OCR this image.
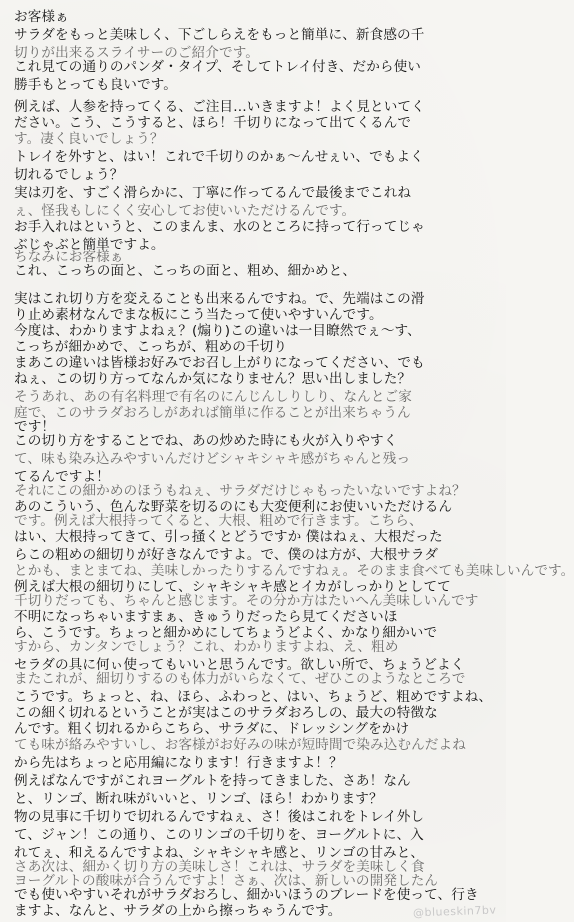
お客様ぁ
サラダをもっと美味しく、下ごしらえをもっと簡単に、新食感の千
切りが出来るスライサーのご紹介です。
これ見ての通りのパンダ・タイプ、そしてトレイ付き、だから使い
勝手もとっても良いです。
例えば、人参を持ってくる、ご注目…いきますよ！よく見といてく
ださい。こう、こうすると、ほら！千切りになって出てくるんで
す。凄く良いでしょう？
トレイを外すと、はい！これで千切りのかぁ～んせぇい、でもよく
切れるでしょう？
実は刃を、すごく滑らかに、丁寧に作ってるんで最後までこれね
ぇ、怪我もしにくく安心してお使いいただけるんです。
お手入れはというと、このまんま、水のところに持って行ってじゃ
ぶじゃぶと簡単ですよ。
ちなみにお客様ぁ
これ、こっちの面と、こっちの面と、粗め、細かめと、
実はこれ切り方を変えることも出来るんですね。で、先端はこの滑
り止め素材なんでまな板にこう当たって使いやすいんです。
今度は、わかりますよねぇ？(煽り)この違いは一目瞭然でぇ～す、
こっちが細かめで、こっちが、粗めの千切り
まあこの違いは皆様お好みでお召し上がりになってください、でも
ねぇ、この切り方ってなんか気になりません？思い出しました？
そうあれ、あの有名料理で有名のにんじんしりしり、なんとご家
庭で、このサラダおろしがあれば簡単に作ることが出来ちゃうん
です！
この切り方をすることでね、あの炒めた時にも火が入りやすく
て、味も染み込みやすいんだけどシャキシャキ感がちゃんと残っ
てるんですよ！
それにこの細かめのほうもねぇ、サラダだけじゃもったいないですよね？
あのこういう、色んな野菜を切るのにも大変便利にお使いいただけるん
です。例えば大根持ってくると、大根、粗めで行きます。こちら、
はい、大根持ってきて、引っ掻くとどうですか 僕はねぇ、大根だった
らこの粗めの細切りが好きなんですよ。で、僕のは方が、大根サラダ
とかも、まとまてね、美味しかったりするんですねぇ。そのまま食べても美味しいんです。
例えば大根の細切りにして、シャキシャキ感とイカがしっかりとしてて
千切りだっても、ちゃんと感じます。その分か方はたいへん美味しいんです
不明になっちゃいますまぁ、きゅうりだったら見てくださいほ
ら、こうです。ちょっと細かめにしてちょうどよく、かなり細かいで
すから、カンタンでしょう？これ、わかりますよね、え、粗め
セラダの具に何ぃ使ってもいいと思うんです。欲しい所で、ちょうどよく
またこれが、細切りするのも体力がいらなくて、ぜひこのようなところで
こうです。ちょっと、ね、ほら、ふわっと、はい、ちょうど、粗めですよね、
この細く切れるということが実はこのサラダおろしの、最大の特徴な
んです。粗く切れるからこちら、サラダに、ドレッシングをかけ
ても味が絡みやすいし、お客様がお好みの味が短時間で染み込むんだよね
から先はちょっと応用編になります！行きますよ！？
例えばなんですがこれヨーグルトを持ってきました、さあ！なん
と、リンゴ、断れ味がいいと、リンゴ、ほら！わかります？
物の見事に千切りで切れるんですねぇ、さ！後はこれをトレイ外し
て、ジャン！この通り、このリンゴの千切りを、ヨーグルトに、入
れてぇ、和えるんですよね、シャキシャキ感と、リンゴの甘みと、
さあ次は、細かく切り方の美味しさ！これは、サラダを美味しく食
ヨーグルトの酸味が合うんですよ！さぁ、次は、新しいの開発したん
でも使いやすいそれがサラダおろし、細かいほうのブレードを使って、行き
ますよ、なんと、サラダの上から擦っちゃうんです。	@blueskin7bv
